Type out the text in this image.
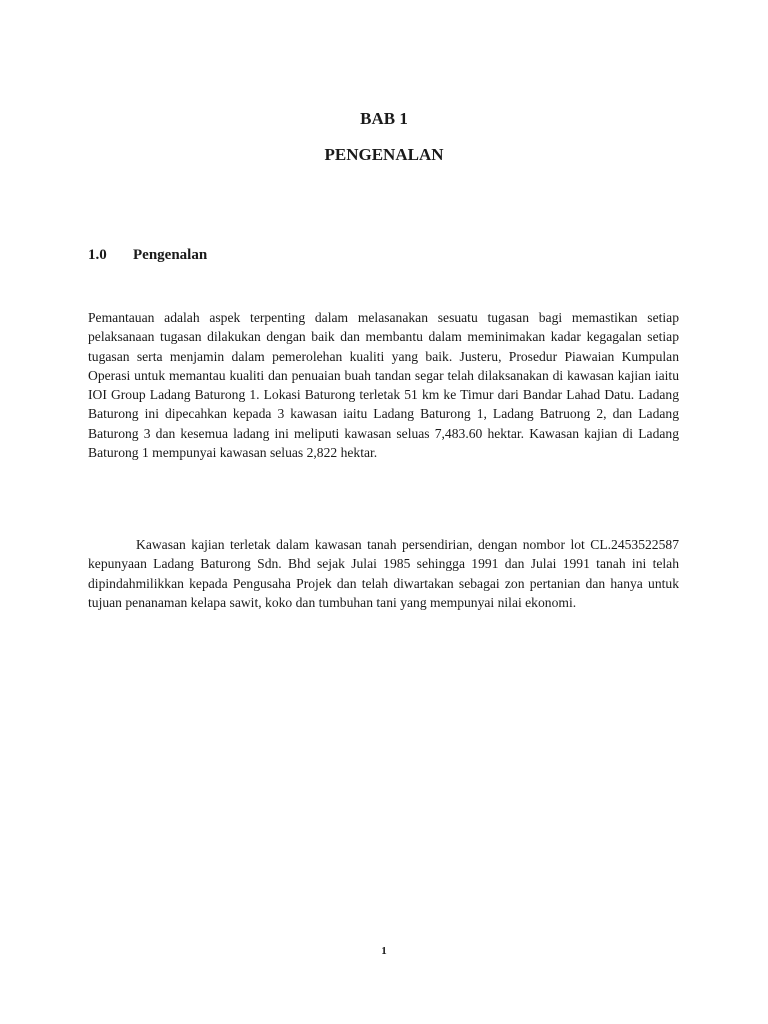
BAB 1
PENGENALAN
1.0 Pengenalan

Pemantauan adalah aspek terpenting dalam melasanakan sesuatu tugasan bagi memastikan setiap pelaksanaan tugasan dilakukan dengan baik dan membantu dalam meminimakan kadar kegagalan setiap tugasan serta menjamin dalam pemerolehan kualiti yang baik. Justeru, Prosedur Piawaian Kumpulan Operasi untuk memantau kualiti dan penuaian buah tandan segar telah dilaksanakan di kawasan kajian iaitu IOI Group Ladang Baturong 1. Lokasi Baturong terletak 51 km ke Timur dari Bandar Lahad Datu. Ladang Baturong ini dipecahkan kepada 3 kawasan iaitu Ladang Baturong 1, Ladang Batruong 2, dan Ladang Baturong 3 dan kesemua ladang ini meliputi kawasan seluas 7,483.60 hektar. Kawasan kajian di Ladang Baturong 1 mempunyai kawasan seluas 2,822 hektar.

Kawasan kajian terletak dalam kawasan tanah persendirian, dengan nombor lot CL.2453522587 kepunyaan Ladang Baturong Sdn. Bhd sejak Julai 1985 sehingga 1991 dan Julai 1991 tanah ini telah dipindahmilikkan kepada Pengusaha Projek dan telah diwartakan sebagai zon pertanian dan hanya untuk tujuan penanaman kelapa sawit, koko dan tumbuhan tani yang mempunyai nilai ekonomi.

1
